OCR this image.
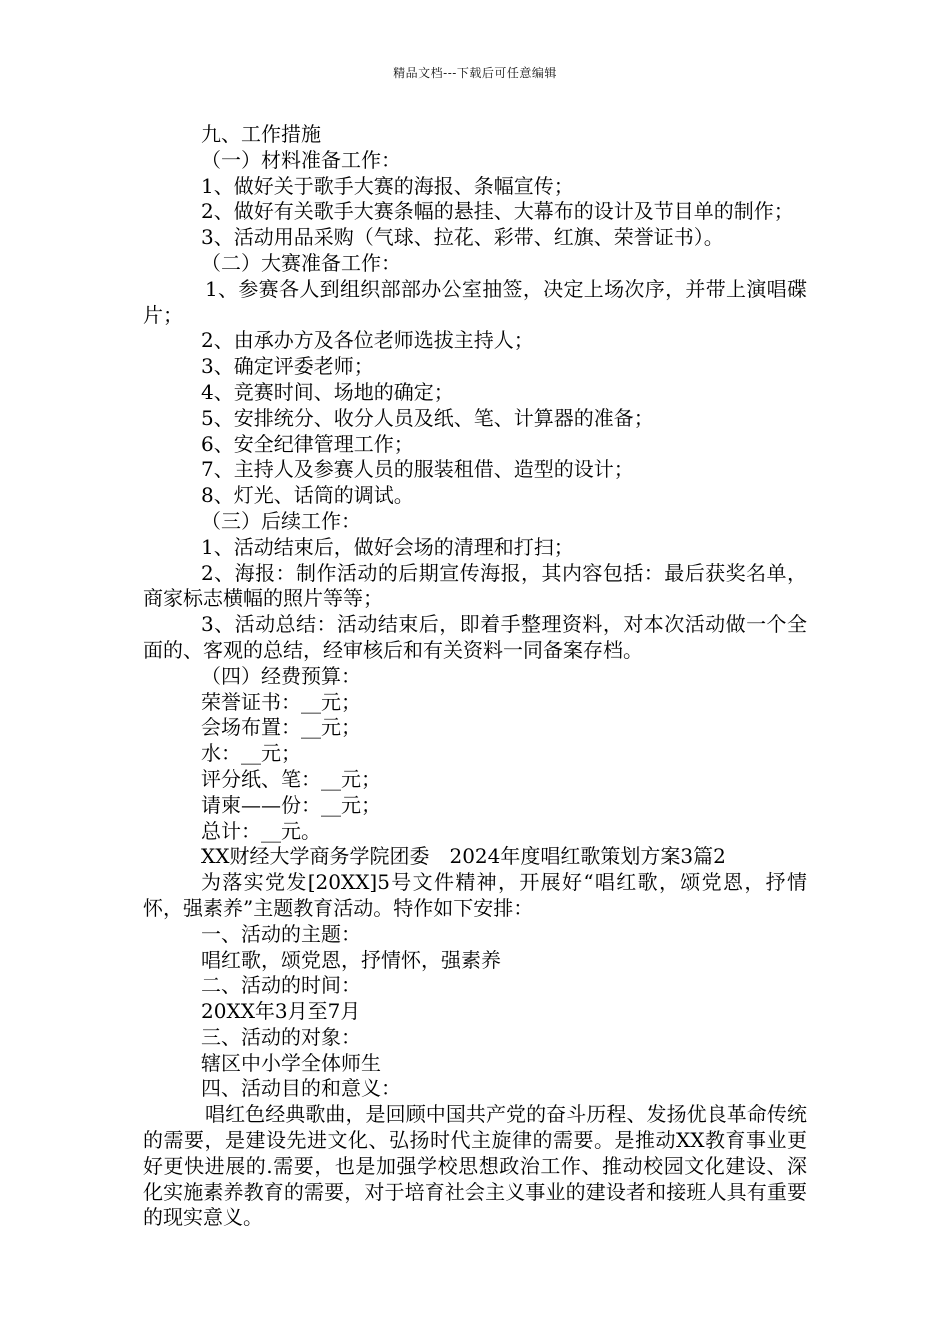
精品文档---下载后可任意编辑

九、工作措施

（一）材料准备工作：

1、做好关于歌手大赛的海报、条幅宣传；

2、做好有关歌手大赛条幅的悬挂、大幕布的设计及节目单的制作；

3、活动用品采购（气球、拉花、彩带、红旗、荣誉证书）。

（二）大赛准备工作：

1、参赛各人到组织部部办公室抽签，决定上场次序，并带上演唱碟片；

2、由承办方及各位老师选拔主持人；

3、确定评委老师；

4、竞赛时间、场地的确定；

5、安排统分、收分人员及纸、笔、计算器的准备；

6、安全纪律管理工作；

7、主持人及参赛人员的服装租借、造型的设计；

8、灯光、话筒的调试。

（三）后续工作：

1、活动结束后，做好会场的清理和打扫；

2、海报：制作活动的后期宣传海报，其内容包括：最后获奖名单，商家标志横幅的照片等等；

3、活动总结：活动结束后，即着手整理资料，对本次活动做一个全面的、客观的总结，经审核后和有关资料一同备案存档。

（四）经费预算：

荣誉证书：__元；

会场布置：__元；

水：__元；

评分纸、笔：__元；

请柬——份：__元；

总计：__元。

XX财经大学商务学院团委　2024年度唱红歌策划方案3篇2

为落实党发[20XX]5号文件精神，开展好“唱红歌，颂党恩，抒情怀，强素养”主题教育活动。特作如下安排：

一、活动的主题：

唱红歌，颂党恩，抒情怀，强素养

二、活动的时间：

20XX年3月至7月

三、活动的对象：

辖区中小学全体师生

四、活动目的和意义：

唱红色经典歌曲，是回顾中国共产党的奋斗历程、发扬优良革命传统的需要，是建设先进文化、弘扬时代主旋律的需要。是推动XX教育事业更好更快进展的.需要，也是加强学校思想政治工作、推动校园文化建设、深化实施素养教育的需要，对于培育社会主义事业的建设者和接班人具有重要的现实意义。
